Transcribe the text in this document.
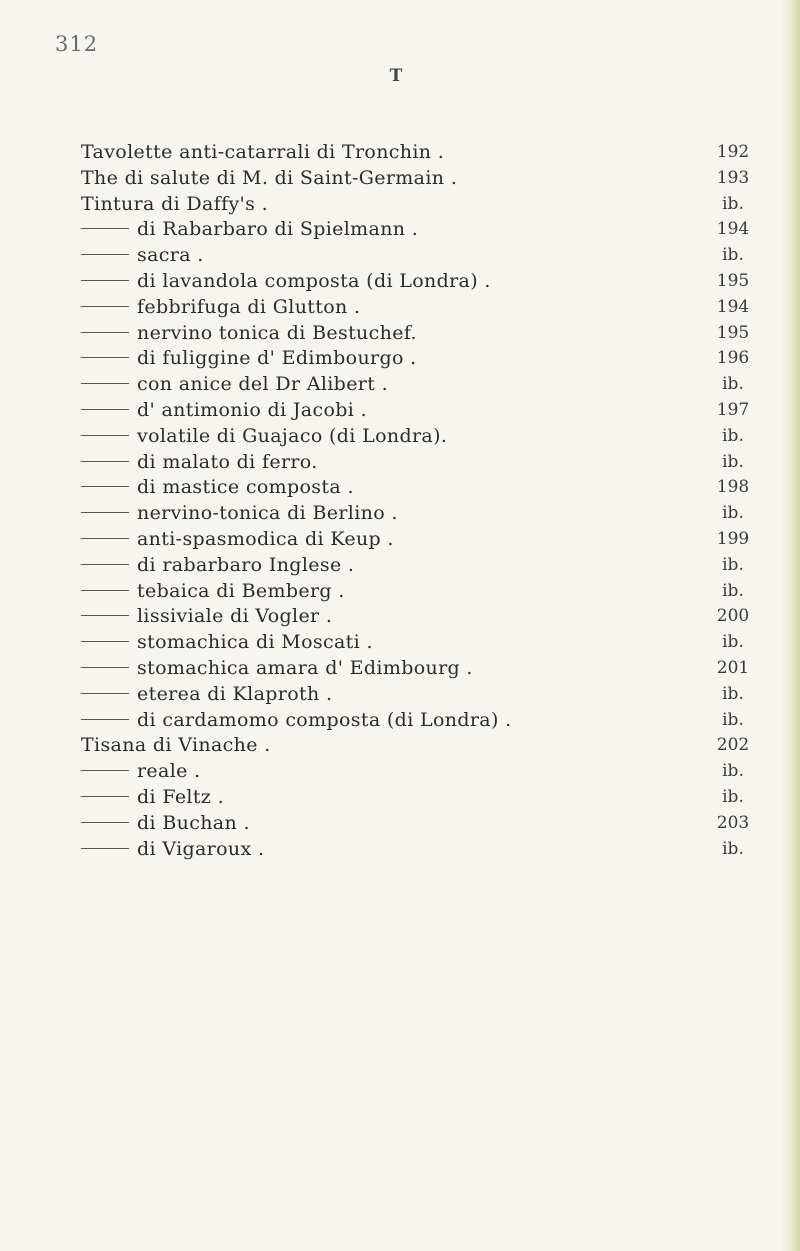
312
T
Tavolette anti-catarrali di Tronchin .	192
The di salute di M. di Saint-Germain .	193
Tintura di Daffy's .	ib.
di Rabarbaro di Spielmann .	194
sacra .	ib.
di lavandola composta (di Londra) .	195
febbrifuga di Glutton .	194
nervino tonica di Bestuchef.	195
di fuliggine d' Edimbourgo .	196
con anice del Dr Alibert .	ib.
d' antimonio di Jacobi .	197
volatile di Guajaco (di Londra).	ib.
di malato di ferro.	ib.
di mastice composta .	198
nervino-tonica di Berlino .	ib.
anti-spasmodica di Keup .	199
di rabarbaro Inglese .	ib.
tebaica di Bemberg .	ib.
lissiviale di Vogler .	200
stomachica di Moscati .	ib.
stomachica amara d' Edimbourg .	201
eterea di Klaproth .	ib.
di cardamomo composta (di Londra) .	ib.
Tisana di Vinache .	202
reale .	ib.
di Feltz .	ib.
di Buchan .	203
di Vigaroux .	ib.
